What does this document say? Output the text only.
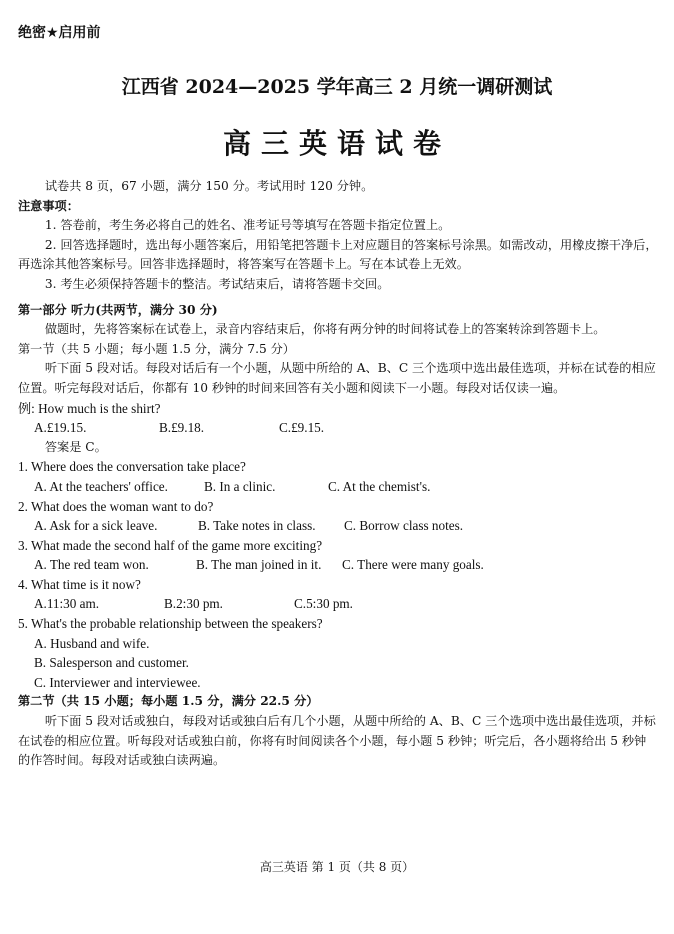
绝密★启用前
江西省 2024—2025 学年高三 2 月统一调研测试
高三英语试卷

试卷共 8 页，67 小题，满分 150 分。考试用时 120 分钟。

注意事项：

1. 答卷前，考生务必将自己的姓名、准考证号等填写在答题卡指定位置上。

2. 回答选择题时，选出每小题答案后，用铅笔把答题卡上对应题目的答案标号涂黑。如需改动，用橡皮擦干净后，再选涂其他答案标号。回答非选择题时，将答案写在答题卡上。写在本试卷上无效。

3. 考生必须保持答题卡的整洁。考试结束后，请将答题卡交回。

第一部分 听力(共两节，满分 30 分)

做题时，先将答案标在试卷上，录音内容结束后，你将有两分钟的时间将试卷上的答案转涂到答题卡上。

第一节（共 5 小题；每小题 1.5 分，满分 7.5 分）

听下面 5 段对话。每段对话后有一个小题，从题中所给的 A、B、C 三个选项中选出最佳选项，并标在试卷的相应位置。听完每段对话后，你都有 10 秒钟的时间来回答有关小题和阅读下一小题。每段对话仅读一遍。

例: How much is the shirt?

A.£19.15.	B.£9.18.	C.£9.15.

答案是 C。

1. Where does the conversation take place?

A. At the teachers' office.	B. In a clinic.	C. At the chemist's.

2. What does the woman want to do?

A. Ask for a sick leave.	B. Take notes in class.	C. Borrow class notes.

3. What made the second half of the game more exciting?

A. The red team won.	B. The man joined in it.	C. There were many goals.

4. What time is it now?

A.11:30 am.	B.2:30 pm.	C.5:30 pm.

5. What's the probable relationship between the speakers?

A. Husband and wife.

B. Salesperson and customer.

C. Interviewer and interviewee.

第二节（共 15 小题；每小题 1.5 分，满分 22.5 分）

听下面 5 段对话或独白，每段对话或独白后有几个小题，从题中所给的 A、B、C 三个选项中选出最佳选项，并标在试卷的相应位置。听每段对话或独白前，你将有时间阅读各个小题，每小题 5 秒钟；听完后，各小题将给出 5 秒钟的作答时间。每段对话或独白读两遍。

高三英语 第 1 页（共 8 页）
